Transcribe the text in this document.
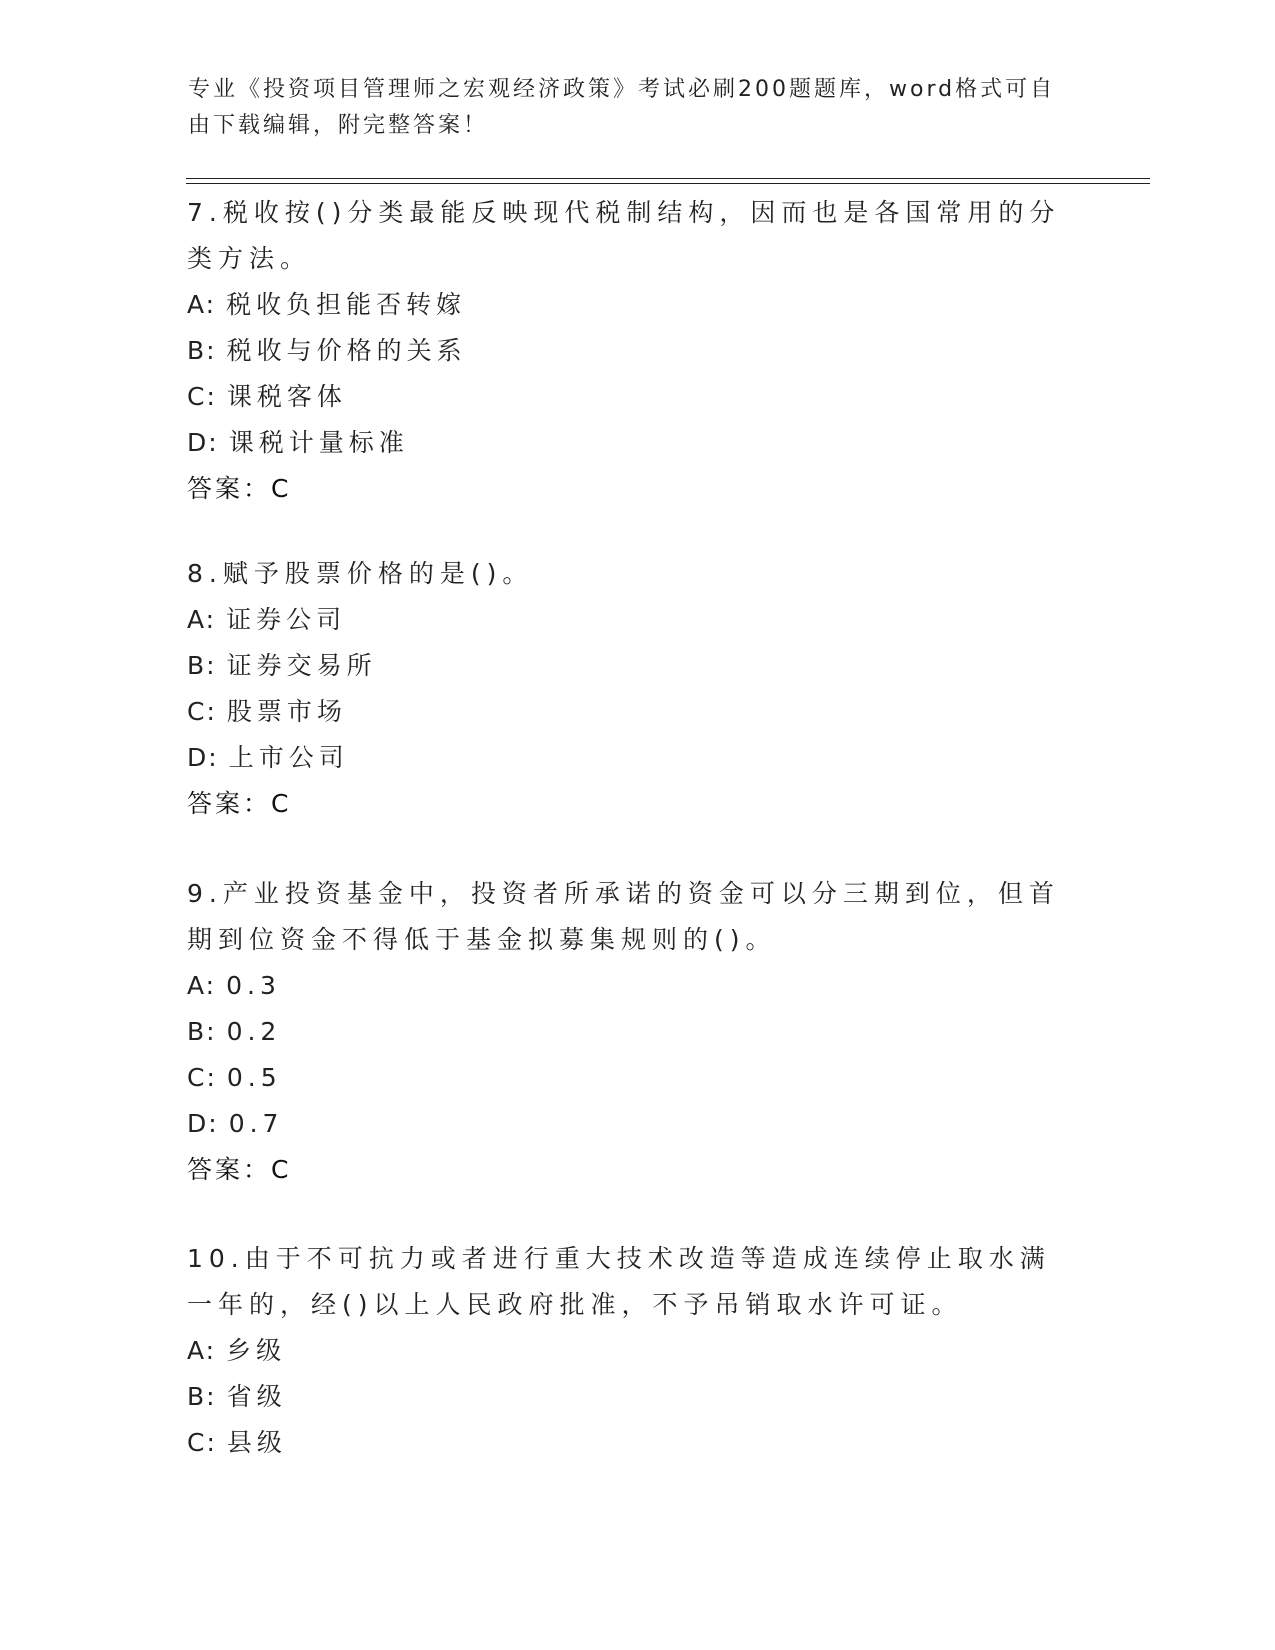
专业《投资项目管理师之宏观经济政策》考试必刷200题题库，word格式可自由下载编辑，附完整答案！
7.税收按()分类最能反映现代税制结构，因而也是各国常用的分类方法。
A: 税收负担能否转嫁
B: 税收与价格的关系
C: 课税客体
D: 课税计量标准
答案：C
8.赋予股票价格的是()。
A: 证券公司
B: 证券交易所
C: 股票市场
D: 上市公司
答案：C
9.产业投资基金中，投资者所承诺的资金可以分三期到位，但首期到位资金不得低于基金拟募集规则的()。
A: 0.3
B: 0.2
C: 0.5
D: 0.7
答案：C
10.由于不可抗力或者进行重大技术改造等造成连续停止取水满一年的，经()以上人民政府批准，不予吊销取水许可证。
A: 乡级
B: 省级
C: 县级
